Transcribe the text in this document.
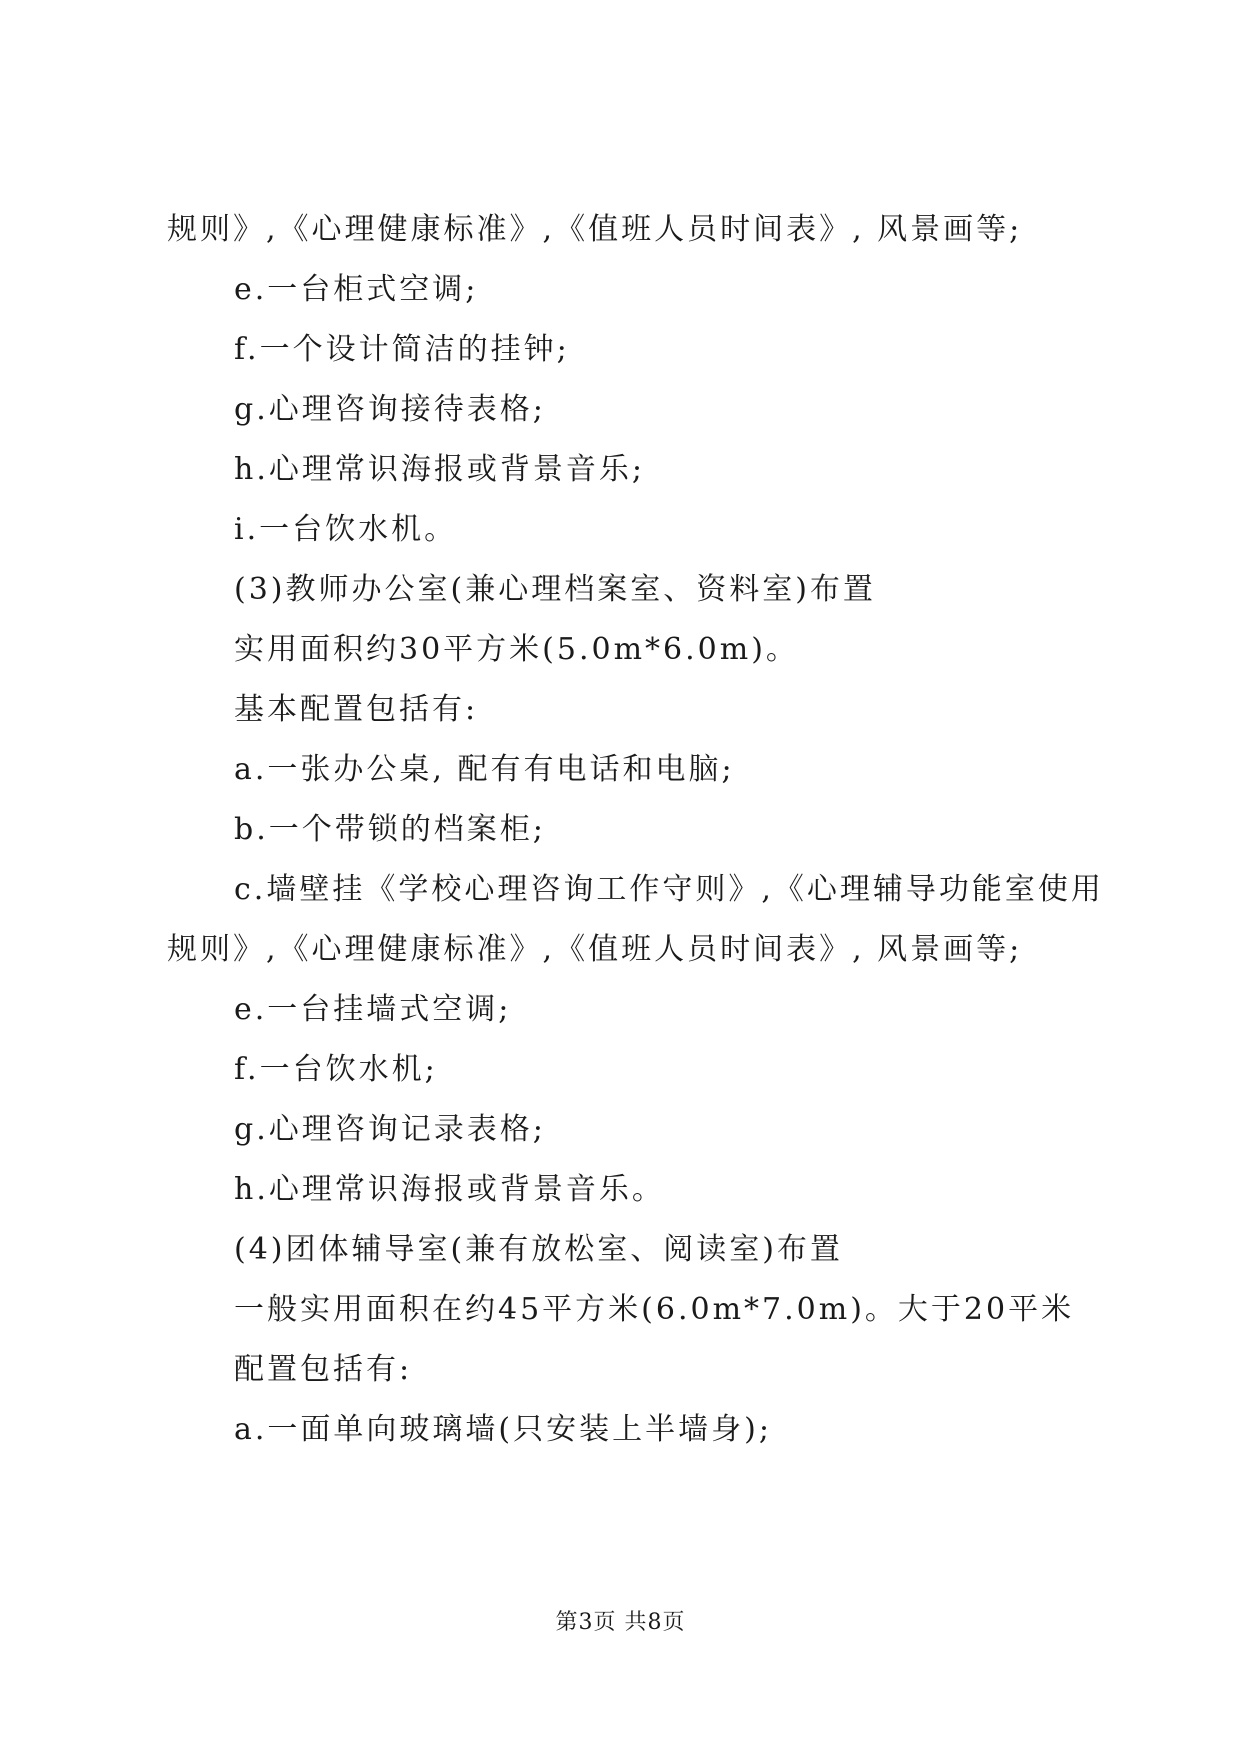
规则》,《心理健康标准》,《值班人员时间表》, 风景画等;
e.一台柜式空调;
f.一个设计简洁的挂钟;
g.心理咨询接待表格;
h.心理常识海报或背景音乐;
i.一台饮水机。
(3)教师办公室(兼心理档案室、资料室)布置
实用面积约30平方米(5.0m*6.0m)。
基本配置包括有:
a.一张办公桌, 配有有电话和电脑;
b.一个带锁的档案柜;
c.墙壁挂《学校心理咨询工作守则》,《心理辅导功能室使用
规则》,《心理健康标准》,《值班人员时间表》, 风景画等;
e.一台挂墙式空调;
f.一台饮水机;
g.心理咨询记录表格;
h.心理常识海报或背景音乐。
(4)团体辅导室(兼有放松室、阅读室)布置
一般实用面积在约45平方米(6.0m*7.0m)。大于20平米
配置包括有:
a.一面单向玻璃墙(只安装上半墙身);
第3页 共8页
